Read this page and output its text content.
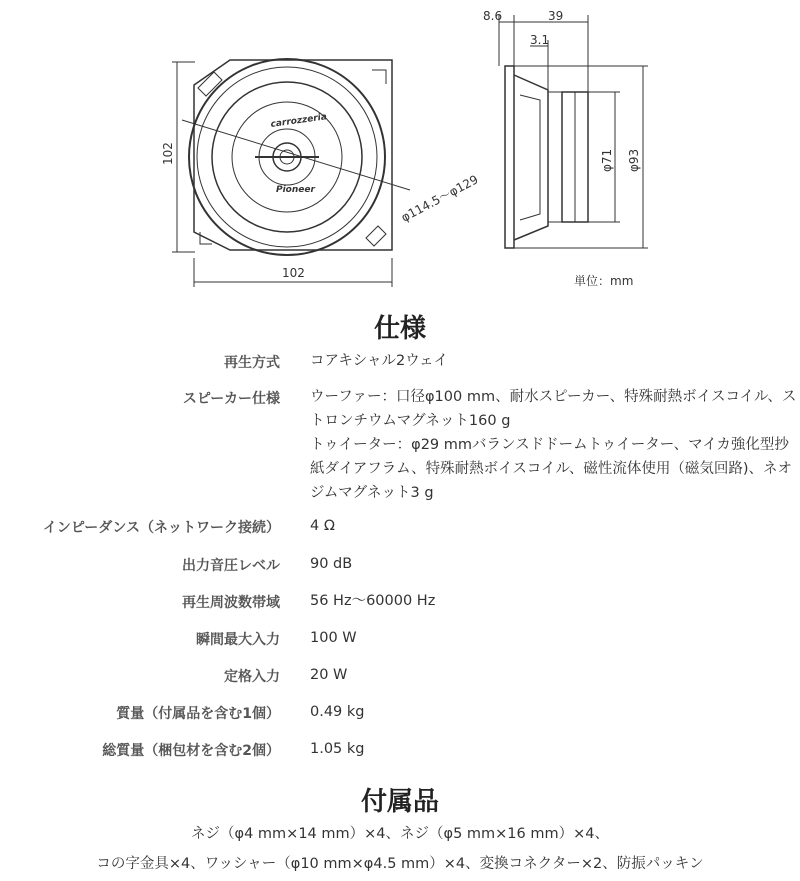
8.6	39
3.1
102
102
φ114.5～φ129
φ71 φ93
carrozzeria
Pioneer
単位：mm
仕様
再生方式 コアキシャル2ウェイ
スピーカー仕様 ウーファー：口径φ100 mm、耐水スピーカー、特殊耐熱ボイスコイル、ストロンチウムマグネット160 g
トゥイーター：φ29 mmバランスドドームトゥイーター、マイカ強化型抄紙ダイアフラム、特殊耐熱ボイスコイル、磁性流体使用（磁気回路)、ネオジムマグネット3 g
インピーダンス（ネットワーク接続） 4 Ω
出力音圧レベル 90 dB
再生周波数帯域 56 Hz～60000 Hz
瞬間最大入力 100 W
定格入力 20 W
質量（付属品を含む1個） 0.49 kg
総質量（梱包材を含む2個） 1.05 kg
付属品
ネジ（φ4 mm×14 mm）×4、ネジ（φ5 mm×16 mm）×4、
コの字金具×4、ワッシャー（φ10 mm×φ4.5 mm）×4、変換コネクター×2、防振パッキン
